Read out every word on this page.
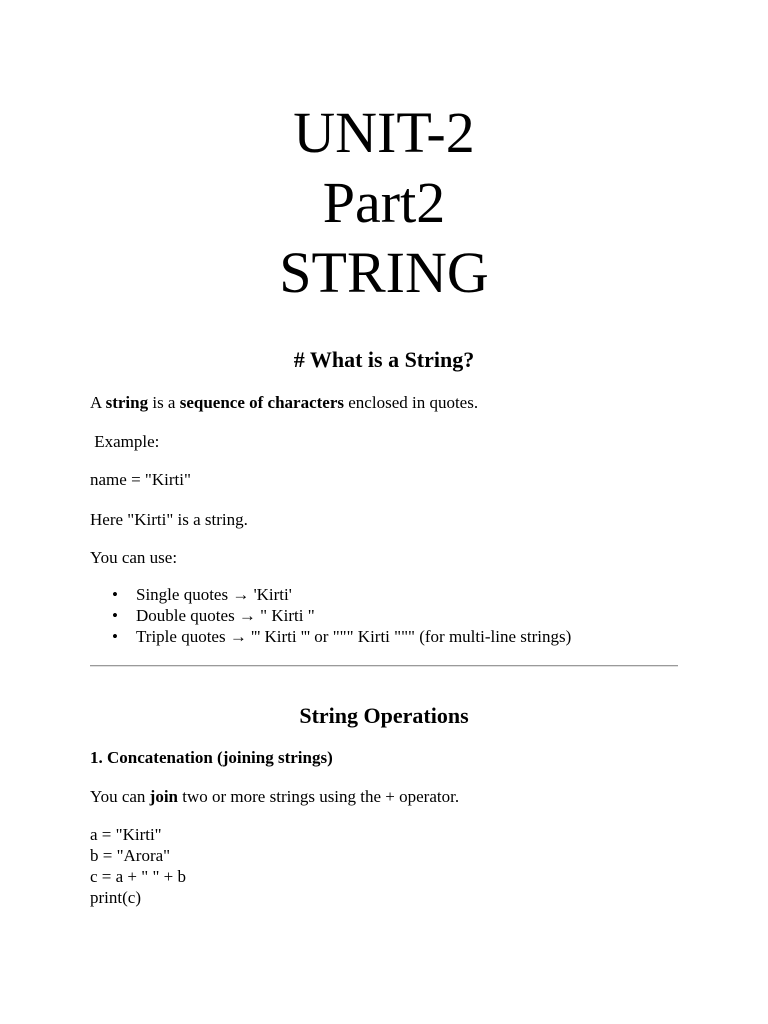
UNIT-2
Part2
STRING
# What is a String?
A string is a sequence of characters enclosed in quotes.
Example:
name = "Kirti"
Here "Kirti" is a string.
You can use:
• Single quotes → 'Kirti'
• Double quotes → " Kirti "
• Triple quotes → ''' Kirti ''' or """ Kirti """ (for multi-line strings)
String Operations
1. Concatenation (joining strings)
You can join two or more strings using the + operator.
a = "Kirti"
b = "Arora"
c = a + " " + b
print(c)
